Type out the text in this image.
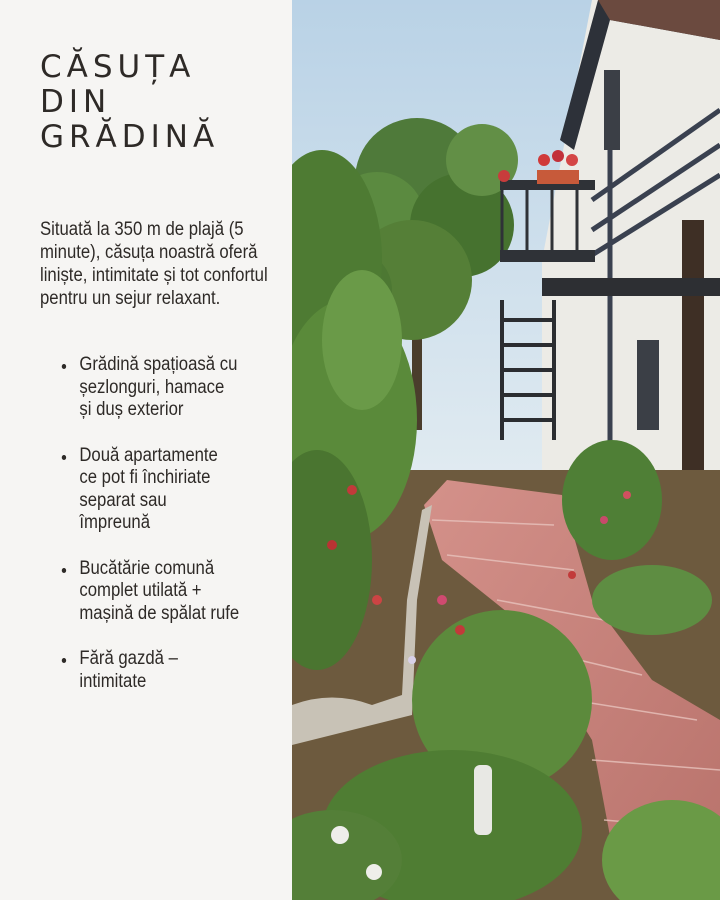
CĂSUȚA
DIN
GRĂDINĂ

Situată la 350 m de plajă (5 minute), căsuța noastră oferă liniște, intimitate și tot confortul pentru un sejur relaxant.

Grădină spațioasă cu șezlonguri, hamace și duș exterior
Două apartamente ce pot fi închiriate separat sau împreună
Bucătărie comună complet utilată + mașină de spălat rufe
Fără gazdă – intimitate
